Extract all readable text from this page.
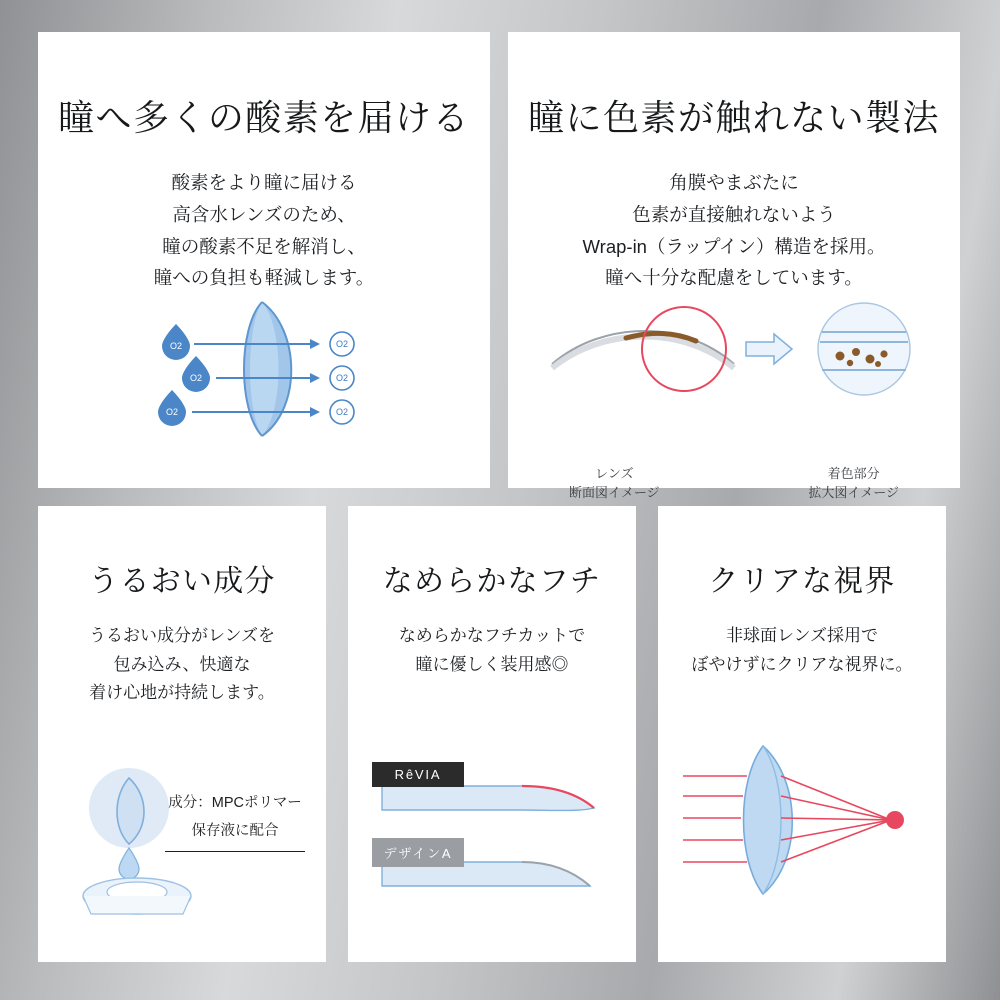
瞳へ多くの酸素を届ける
酸素をより瞳に届ける
高含水レンズのため、
瞳の酸素不足を解消し、
瞳への負担も軽減します。
O2
O2
O2
O2
O2
O2
瞳に色素が触れない製法
角膜やまぶたに
色素が直接触れないよう
Wrap-in（ラップイン）構造を採用。
瞳へ十分な配慮をしています。
レンズ
断面図イメージ
着色部分
拡大図イメージ
うるおい成分
うるおい成分がレンズを
包み込み、快適な
着け心地が持続します。
成分：MPCポリマー
保存液に配合
なめらかなフチ
なめらかなフチカットで
瞳に優しく装用感◎
RêVIA
デザインA
クリアな視界
非球面レンズ採用で
ぼやけずにクリアな視界に。
